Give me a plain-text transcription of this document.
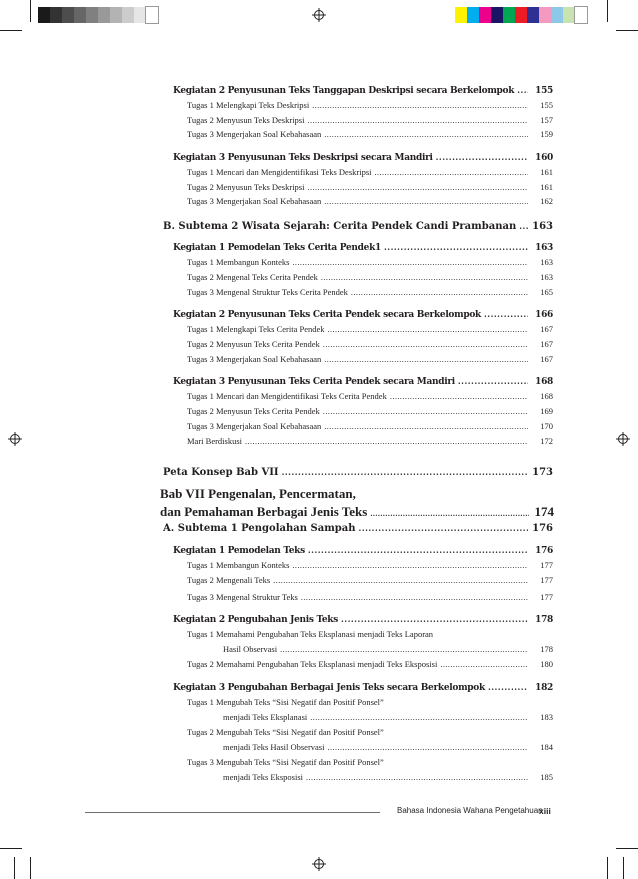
Kegiatan 2 Penyusunan Teks Tanggapan Deskripsi secara Berkelompok .....	155
Tugas 1 Melengkapi Teks Deskripsi .....	155
Tugas 2 Menyusun Teks Deskripsi .....	157
Tugas 3 Mengerjakan Soal Kebahasaan .....	159
Kegiatan 3 Penyusunan Teks Deskripsi secara Mandiri .....	160
Tugas 1 Mencari dan Mengidentifikasi Teks Deskripsi .....	161
Tugas 2 Menyusun Teks Deskripsi .....	161
Tugas 3 Mengerjakan Soal Kebahasaan .....	162
B. Subtema 2 Wisata Sejarah: Cerita Pendek Candi Prambanan ..... 163
Kegiatan 1 Pemodelan Teks Cerita Pendek1 .....	163
Tugas 1 Membangun Konteks .....	163
Tugas 2 Mengenal Teks Cerita Pendek .....	163
Tugas 3 Mengenal Struktur Teks Cerita Pendek .....	165
Kegiatan 2 Penyusunan Teks Cerita Pendek secara Berkelompok .....	166
Tugas 1 Melengkapi Teks Cerita Pendek .....	167
Tugas 2 Menyusun Teks Cerita Pendek .....	167
Tugas 3 Mengerjakan Soal Kebahasaan .....	167
Kegiatan 3 Penyusunan Teks Cerita Pendek secara Mandiri .....	168
Tugas 1 Mencari dan Mengidentifikasi Teks Cerita Pendek .....	168
Tugas 2 Menyusun Teks Cerita Pendek .....	169
Tugas 3 Mengerjakan Soal Kebahasaan .....	170
Mari Berdiskusi .....	172
Peta Konsep Bab VII .....	173
Bab VII Pengenalan, Pencermatan,
dan Pemahaman Berbagai Jenis Teks .....	174
A. Subtema 1 Pengolahan Sampah .....	176
Kegiatan 1 Pemodelan Teks .....	176
Tugas 1 Membangun Konteks .....	177
Tugas 2 Mengenali Teks .....	177
Tugas 3 Mengenal Struktur Teks .....	177
Kegiatan 2 Pengubahan Jenis Teks .....	178
Tugas 1 Memahami Pengubahan Teks Eksplanasi menjadi Teks Laporan
Hasil Observasi .....	178
Tugas 2 Memahami Pengubahan Teks Eksplanasi menjadi Teks Eksposisi .....	180
Kegiatan 3 Pengubahan Berbagai Jenis Teks secara Berkelompok .....	182
Tugas 1 Mengubah Teks “Sisi Negatif dan Positif Ponsel”
menjadi Teks Eksplanasi .....	183
Tugas 2 Mengubah Teks “Sisi Negatif dan Positif Ponsel”
menjadi Teks Hasil Observasi .....	184
Tugas 3 Mengubah Teks “Sisi Negatif dan Positif Ponsel”
menjadi Teks Eksposisi .....	185
Bahasa Indonesia Wahana Pengetahuan
xiii
